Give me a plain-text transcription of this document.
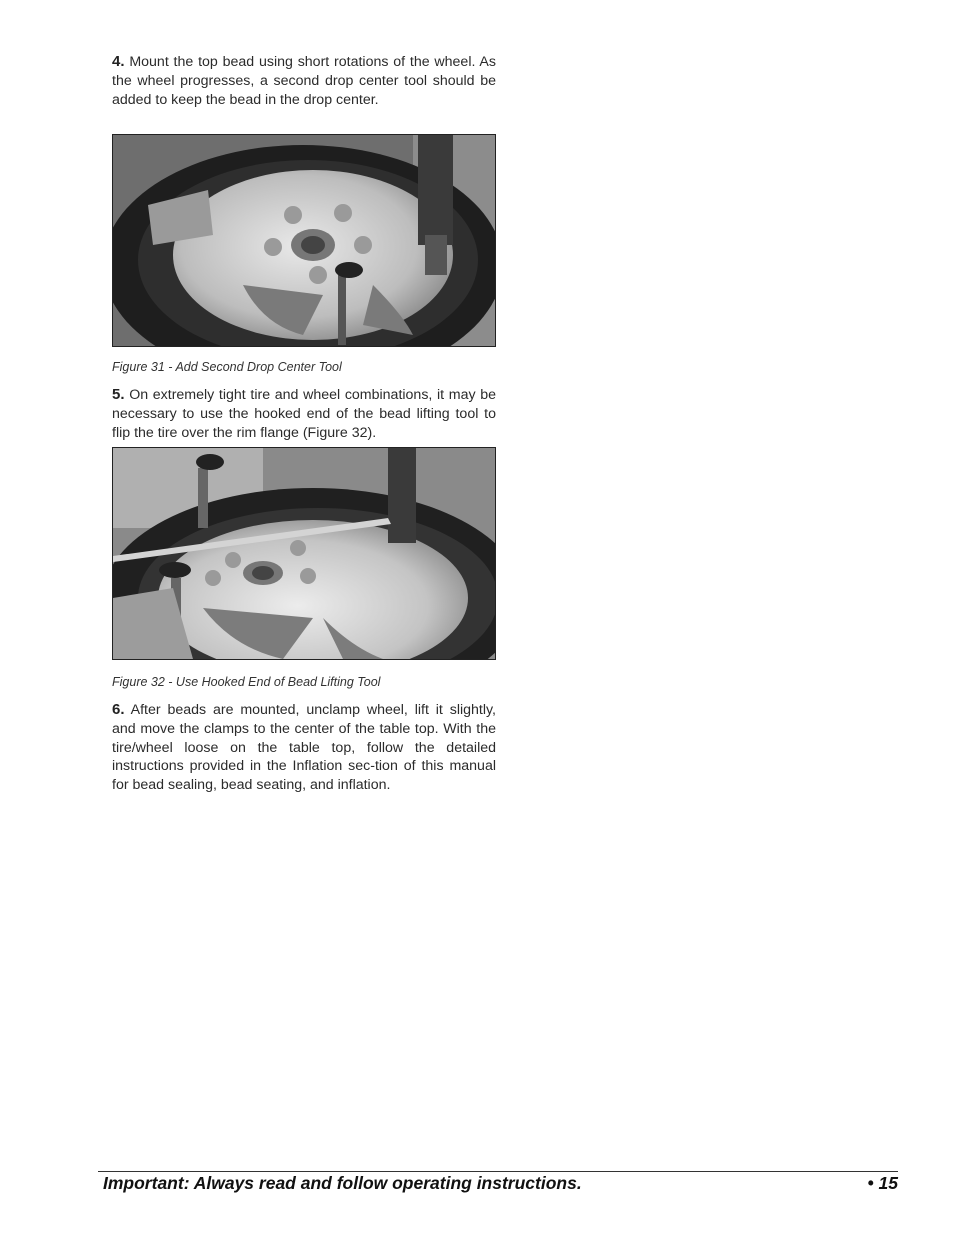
4. Mount the top bead using short rotations of the wheel. As the wheel progresses, a second drop center tool should be added to keep the bead in the drop center.

Figure 31 - Add Second Drop Center Tool

5. On extremely tight tire and wheel combinations, it may be necessary to use the hooked end of the bead lifting tool to flip the tire over the rim flange (Figure 32).

Figure 32 - Use Hooked End of Bead Lifting Tool

6. After beads are mounted, unclamp wheel, lift it slightly, and move the clamps to the center of the table top. With the tire/wheel loose on the table top, follow the detailed instructions provided in the Inflation sec-tion of this manual for bead sealing, bead seating, and inflation.

Important: Always read and follow operating instructions.	• 15
